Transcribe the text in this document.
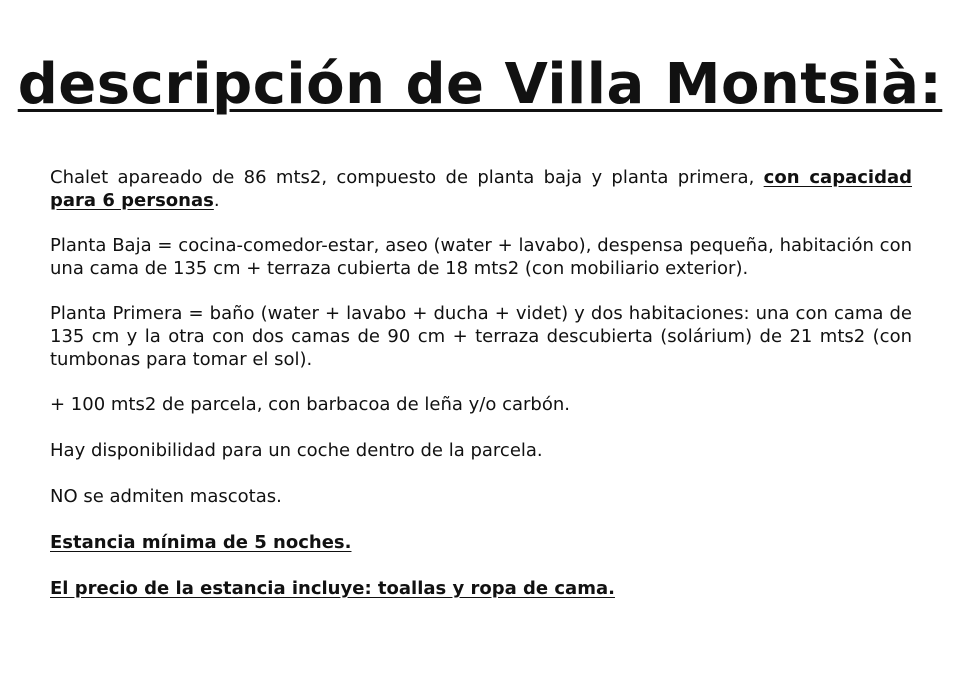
descripción de Villa Montsià:

Chalet apareado de 86 mts2, compuesto de planta baja y planta primera, con capacidad para 6 personas.

Planta Baja = cocina-comedor-estar, aseo (water + lavabo), despensa pequeña, habitación con una cama de 135 cm + terraza cubierta de 18 mts2 (con mobiliario exterior).

Planta Primera = baño (water + lavabo + ducha + videt) y dos habitaciones: una con cama de 135 cm y la otra con dos camas de 90 cm + terraza descubierta (solárium) de 21 mts2 (con tumbonas para tomar el sol).

+ 100 mts2 de parcela, con barbacoa de leña y/o carbón.

Hay disponibilidad para un coche dentro de la parcela.

NO se admiten mascotas.

Estancia mínima de 5 noches.

El precio de la estancia incluye: toallas y ropa de cama.
